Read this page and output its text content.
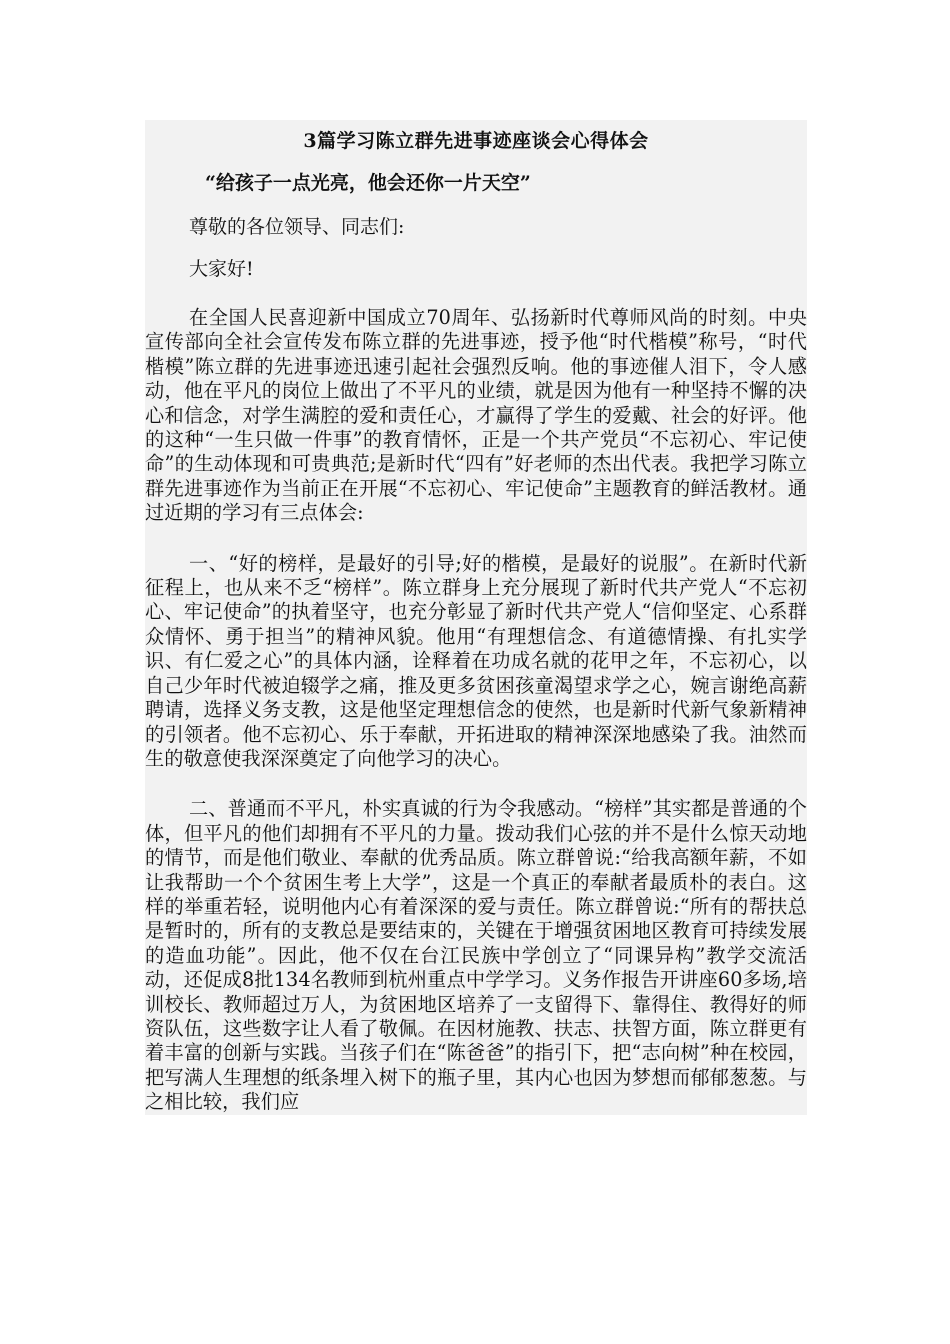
3篇学习陈立群先进事迹座谈会心得体会
“给孩子一点光亮，他会还你一片天空”

尊敬的各位领导、同志们:

大家好!

在全国人民喜迎新中国成立70周年、弘扬新时代尊师风尚的时刻。中央宣传部向全社会宣传发布陈立群的先进事迹，授予他“时代楷模”称号，“时代楷模”陈立群的先进事迹迅速引起社会强烈反响。他的事迹催人泪下，令人感动，他在平凡的岗位上做出了不平凡的业绩，就是因为他有一种坚持不懈的决心和信念，对学生满腔的爱和责任心，才赢得了学生的爱戴、社会的好评。他的这种“一生只做一件事”的教育情怀，正是一个共产党员“不忘初心、牢记使命”的生动体现和可贵典范;是新时代“四有”好老师的杰出代表。我把学习陈立群先进事迹作为当前正在开展“不忘初心、牢记使命”主题教育的鲜活教材。通过近期的学习有三点体会:

一、“好的榜样，是最好的引导;好的楷模，是最好的说服”。在新时代新征程上，也从来不乏“榜样”。陈立群身上充分展现了新时代共产党人“不忘初心、牢记使命”的执着坚守，也充分彰显了新时代共产党人“信仰坚定、心系群众情怀、勇于担当”的精神风貌。他用“有理想信念、有道德情操、有扎实学识、有仁爱之心”的具体内涵，诠释着在功成名就的花甲之年，不忘初心，以自己少年时代被迫辍学之痛，推及更多贫困孩童渴望求学之心，婉言谢绝高薪聘请，选择义务支教，这是他坚定理想信念的使然，也是新时代新气象新精神的引领者。他不忘初心、乐于奉献，开拓进取的精神深深地感染了我。油然而生的敬意使我深深奠定了向他学习的决心。

二、普通而不平凡，朴实真诚的行为令我感动。“榜样”其实都是普通的个体，但平凡的他们却拥有不平凡的力量。拨动我们心弦的并不是什么惊天动地的情节，而是他们敬业、奉献的优秀品质。陈立群曾说:“给我高额年薪，不如让我帮助一个个贫困生考上大学”，这是一个真正的奉献者最质朴的表白。这样的举重若轻，说明他内心有着深深的爱与责任。陈立群曾说:“所有的帮扶总是暂时的，所有的支教总是要结束的，关键在于增强贫困地区教育可持续发展的造血功能”。因此，他不仅在台江民族中学创立了“同课异构”教学交流活动，还促成8批134名教师到杭州重点中学学习。义务作报告开讲座60多场,培训校长、教师超过万人，为贫困地区培养了一支留得下、靠得住、教得好的师资队伍，这些数字让人看了敬佩。在因材施教、扶志、扶智方面，陈立群更有着丰富的创新与实践。当孩子们在“陈爸爸”的指引下，把“志向树”种在校园，把写满人生理想的纸条埋入树下的瓶子里，其内心也因为梦想而郁郁葱葱。与之相比较，我们应
